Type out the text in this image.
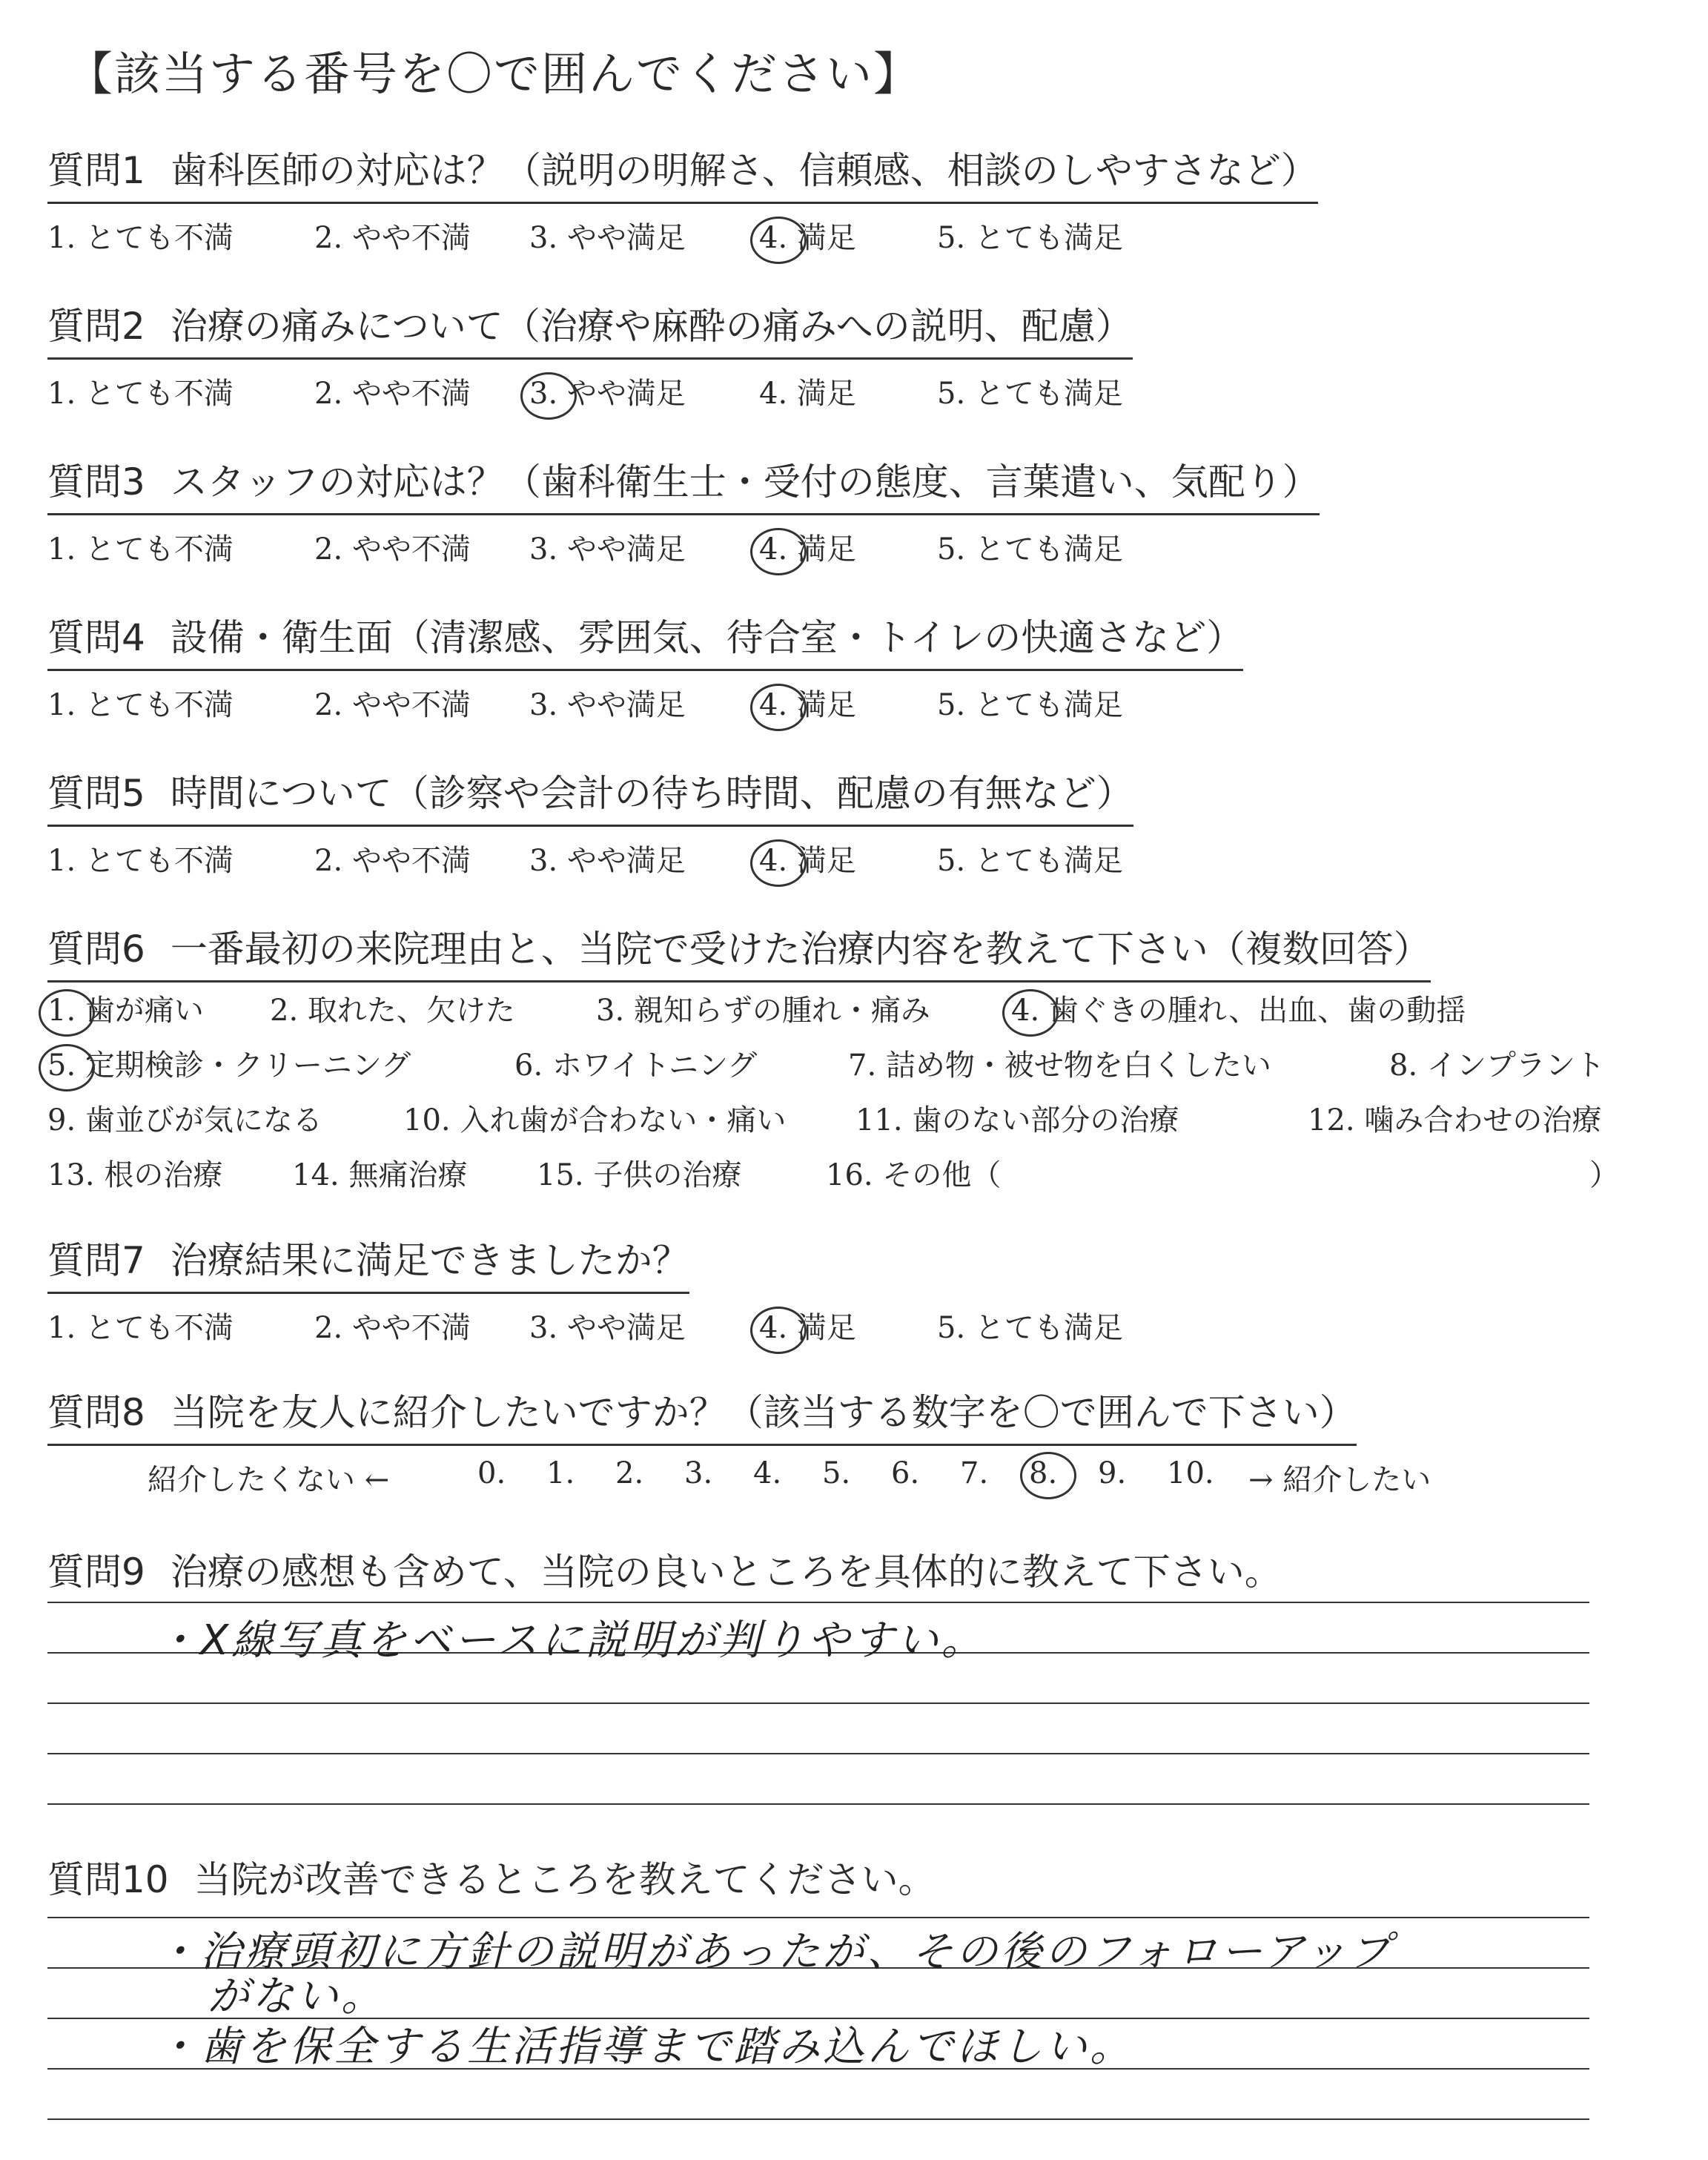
【該当する番号を〇で囲んでください】
質問1 歯科医師の対応は？（説明の明解さ、信頼感、相談のしやすさなど）
1. とても不満	2. やや不満 3. やや満足 4. 満足	5. とても満足
質問2 治療の痛みについて（治療や麻酔の痛みへの説明、配慮）
1. とても不満	2. やや不満 3. やや満足 4. 満足	5. とても満足
質問3 スタッフの対応は？（歯科衛生士・受付の態度、言葉遣い、気配り）
1. とても不満	2. やや不満 3. やや満足 4. 満足	5. とても満足
質問4 設備・衛生面（清潔感、雰囲気、待合室・トイレの快適さなど）
1. とても不満	2. やや不満 3. やや満足 4. 満足	5. とても満足
質問5 時間について（診察や会計の待ち時間、配慮の有無など）
1. とても不満	2. やや不満 3. やや満足 4. 満足	5. とても満足
質問6 一番最初の来院理由と、当院で受けた治療内容を教えて下さい（複数回答）
1. 歯が痛い 2. 取れた、欠けた	3. 親知らずの腫れ・痛み	4. 歯ぐきの腫れ、出血、歯の動揺
5. 定期検診・クリーニング	6. ホワイトニング	7. 詰め物・被せ物を白くしたい	8. インプラント
9. 歯並びが気になる	10. 入れ歯が合わない・痛い 11. 歯のない部分の治療	12. 噛み合わせの治療
13. 根の治療 14. 無痛治療 15. 子供の治療	16. その他（	）
質問7 治療結果に満足できましたか？
1. とても不満	2. やや不満 3. やや満足 4. 満足	5. とても満足
質問8 当院を友人に紹介したいですか？（該当する数字を〇で囲んで下さい）
紹介したくない ←	0. 1. 2. 3. 4. 5. 6. 7. 8. 9. 10. → 紹介したい
質問9 治療の感想も含めて、当院の良いところを具体的に教えて下さい。
質問10 当院が改善できるところを教えてください。
・X線写真をベースに説明が判りやすい。
・治療頭初に方針の説明があったが、その後のフォローアップ
がない。
・歯を保全する生活指導まで踏み込んでほしい。
